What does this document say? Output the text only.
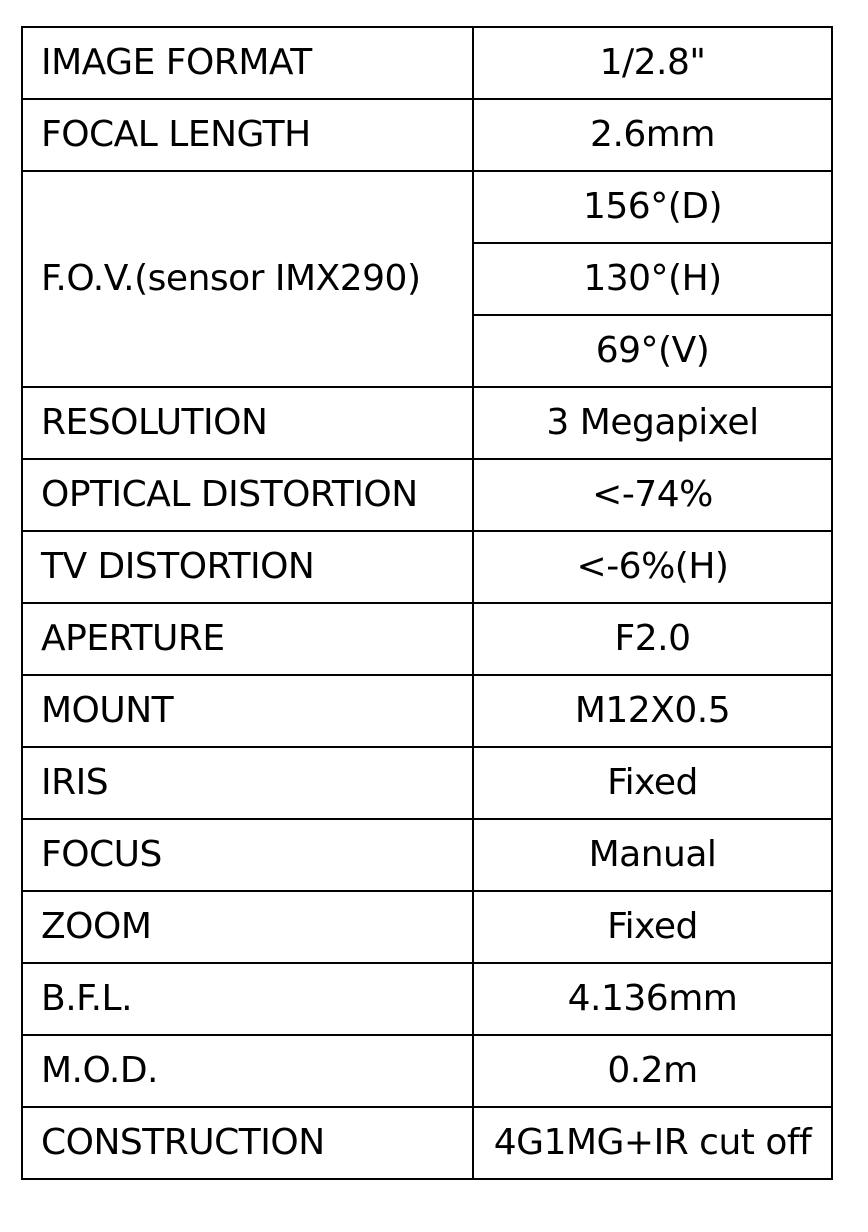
IMAGE FORMAT	1/2.8"
FOCAL LENGTH	2.6mm
F.O.V.(sensor IMX290)	156°(D)
	130°(H)
	69°(V)
RESOLUTION	3 Megapixel
OPTICAL DISTORTION	<-74%
TV DISTORTION	<-6%(H)
APERTURE	F2.0
MOUNT	M12X0.5
IRIS	Fixed
FOCUS	Manual
ZOOM	Fixed
B.F.L.	4.136mm
M.O.D.	0.2m
CONSTRUCTION	4G1MG+IR cut off
